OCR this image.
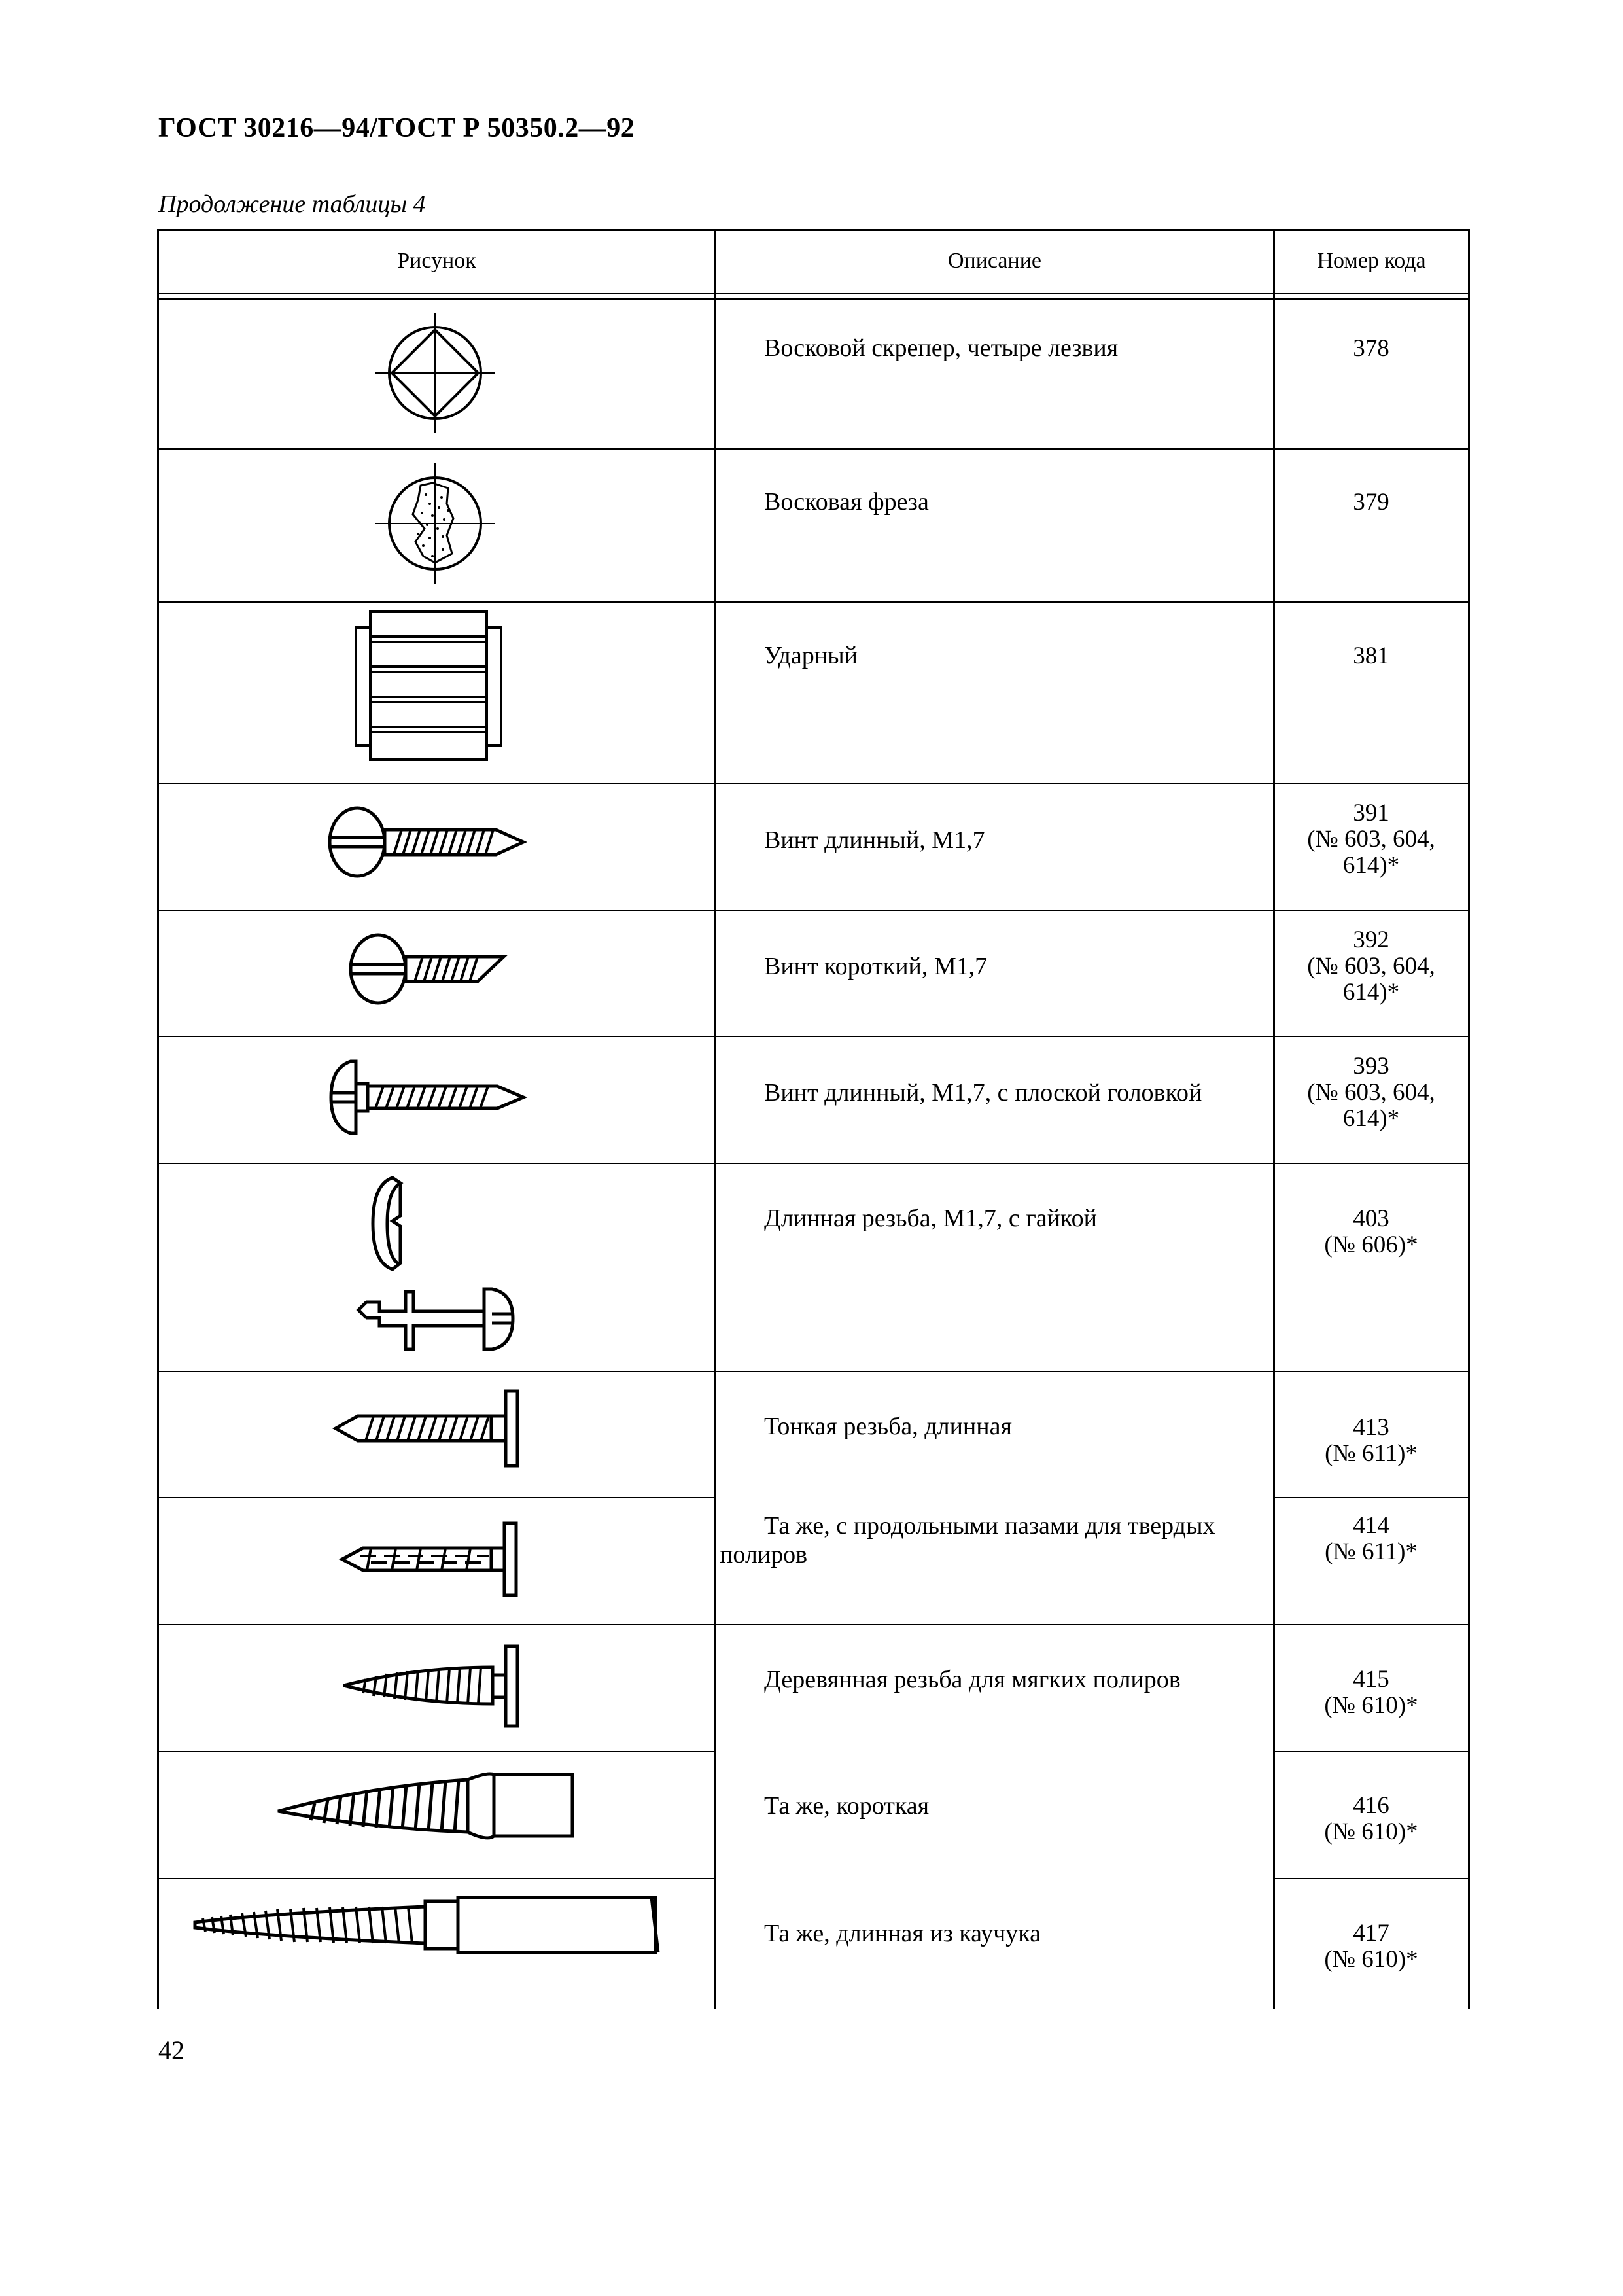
ГОСТ 30216—94/ГОСТ Р 50350.2—92
Продолжение таблицы 4
Рисунок	Описание	Номер кода
Восковой скрепер, четыре лезвия
Восковая фреза
Ударный
Винт длинный, М1,7
Винт короткий, М1,7
Винт длинный, М1,7, с плоской головкой
Длинная резьба, М1,7, с гайкой
Тонкая резьба, длинная
Та же, с продольными пазами для твердых
полиров
Деревянная резьба для мягких полиров
Та же, короткая
Та же, длинная из каучука
378
379
381
391
(№ 603, 604,
614)*
392
(№ 603, 604,
614)*
393
(№ 603, 604,
614)*
403
(№ 606)*
413
(№ 611)*
414
(№ 611)*
415
(№ 610)*
416
(№ 610)*
417
(№ 610)*
42
